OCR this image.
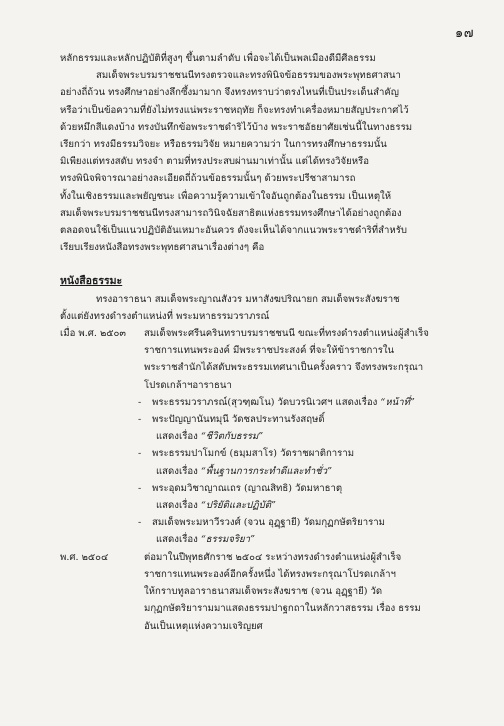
๑๗
หลักธรรมและหลักปฏิบัติที่สูงๆ ขึ้นตามลำดับ เพื่อจะได้เป็นพลเมืองดีมีศีลธรรม
สมเด็จพระบรมราชชนนีทรงตรวจและทรงพินิจข้อธรรมของพระพุทธศาสนา
อย่างถี่ถ้วน ทรงศึกษาอย่างลึกซึ้งมามาก จึงทรงทราบว่าตรงไหนที่เป็นประเด็นสำคัญ
หรือว่าเป็นข้อความที่ยังไม่ทรงแน่พระราชหฤทัย ก็จะทรงทำเครื่องหมายสัญประกาศไว้
ด้วยหมึกสีแดงบ้าง ทรงบันทึกข้อพระราชดำริไว้บ้าง พระราชอัธยาศัยเช่นนี้ในทางธรรม
เรียกว่า ทรงมีธรรมวิจยะ หรือธรรมวิจัย หมายความว่า ในการทรงศึกษาธรรมนั้น
มิเพียงแต่ทรงสดับ ทรงจำ ตามที่ทรงประสบผ่านมาเท่านั้น แต่ได้ทรงวิจัยหรือ
ทรงพินิจพิจารณาอย่างละเอียดถี่ถ้วนข้อธรรมนั้นๆ ด้วยพระปรีชาสามารถ
ทั้งในเชิงธรรมและพยัญชนะ เพื่อความรู้ความเข้าใจอันถูกต้องในธรรม เป็นเหตุให้
สมเด็จพระบรมราชชนนีทรงสามารถวินิจฉัยสาธิตแห่งธรรมทรงศึกษาได้อย่างถูกต้อง
ตลอดจนใช้เป็นแนวปฏิบัติอันเหมาะอันควร ดังจะเห็นได้จากแนวพระราชดำริที่สำหรับ
เรียบเรียงหนังสือทรงพระพุทธศาสนาเรื่องต่างๆ คือ
หนังสือธรรมะ
ทรงอาราธนา สมเด็จพระญาณสังวร มหาสังฆปริณายก สมเด็จพระสังฆราช
ตั้งแต่ยังทรงดำรงตำแหน่งที่ พระมหาธรรมวราภรณ์
เมื่อ พ.ศ. ๒๕๐๓	สมเด็จพระศรีนครินทราบรมราชชนนี ขณะที่ทรงดำรงตำแหน่งผู้สำเร็จ
ราชการแทนพระองค์ มีพระราชประสงค์ ที่จะให้ข้าราชการใน
พระราชสำนักได้สดับพระธรรมเทศนาเป็นครั้งคราว จึงทรงพระกรุณา
โปรดเกล้าฯอาราธนา
- พระธรรมวราภรณ์(สุวฑฺฒโน) วัดบวรนิเวศฯ แสดงเรื่อง “หน้าที่”
- พระปัญญานันทมุนี วัดชลประทานรังสฤษดิ์
แสดงเรื่อง “ชีวิตกับธรรม”
- พระธรรมปาโมกข์ (ธมฺมสาโร) วัดราชผาติการาม
แสดงเรื่อง “พื้นฐานการกระทำดีและทำชั่ว”
- พระอุดมวิชาญาณเถร (ญาณสิทธิ) วัดมหาธาตุ
แสดงเรื่อง “ปริยัติและปฏิบัติ”
- สมเด็จพระมหาวีรวงศ์ (จวน อุฏฺฐายี) วัดมกุฏกษัตริยาราม
แสดงเรื่อง “ธรรมจริยา”
พ.ศ. ๒๕๐๔	ต่อมาในปีพุทธศักราช ๒๕๐๔ ระหว่างทรงดำรงตำแหน่งผู้สำเร็จ
ราชการแทนพระองค์อีกครั้งหนึ่ง ได้ทรงพระกรุณาโปรดเกล้าฯ
ให้กราบทูลอาราธนาสมเด็จพระสังฆราช (จวน อุฏฺฐายี) วัด
มกุฏกษัตริยารามมาแสดงธรรมปาฐกถาในหลักวาสธรรม เรื่อง ธรรม
อันเป็นเหตุแห่งความเจริญยศ
